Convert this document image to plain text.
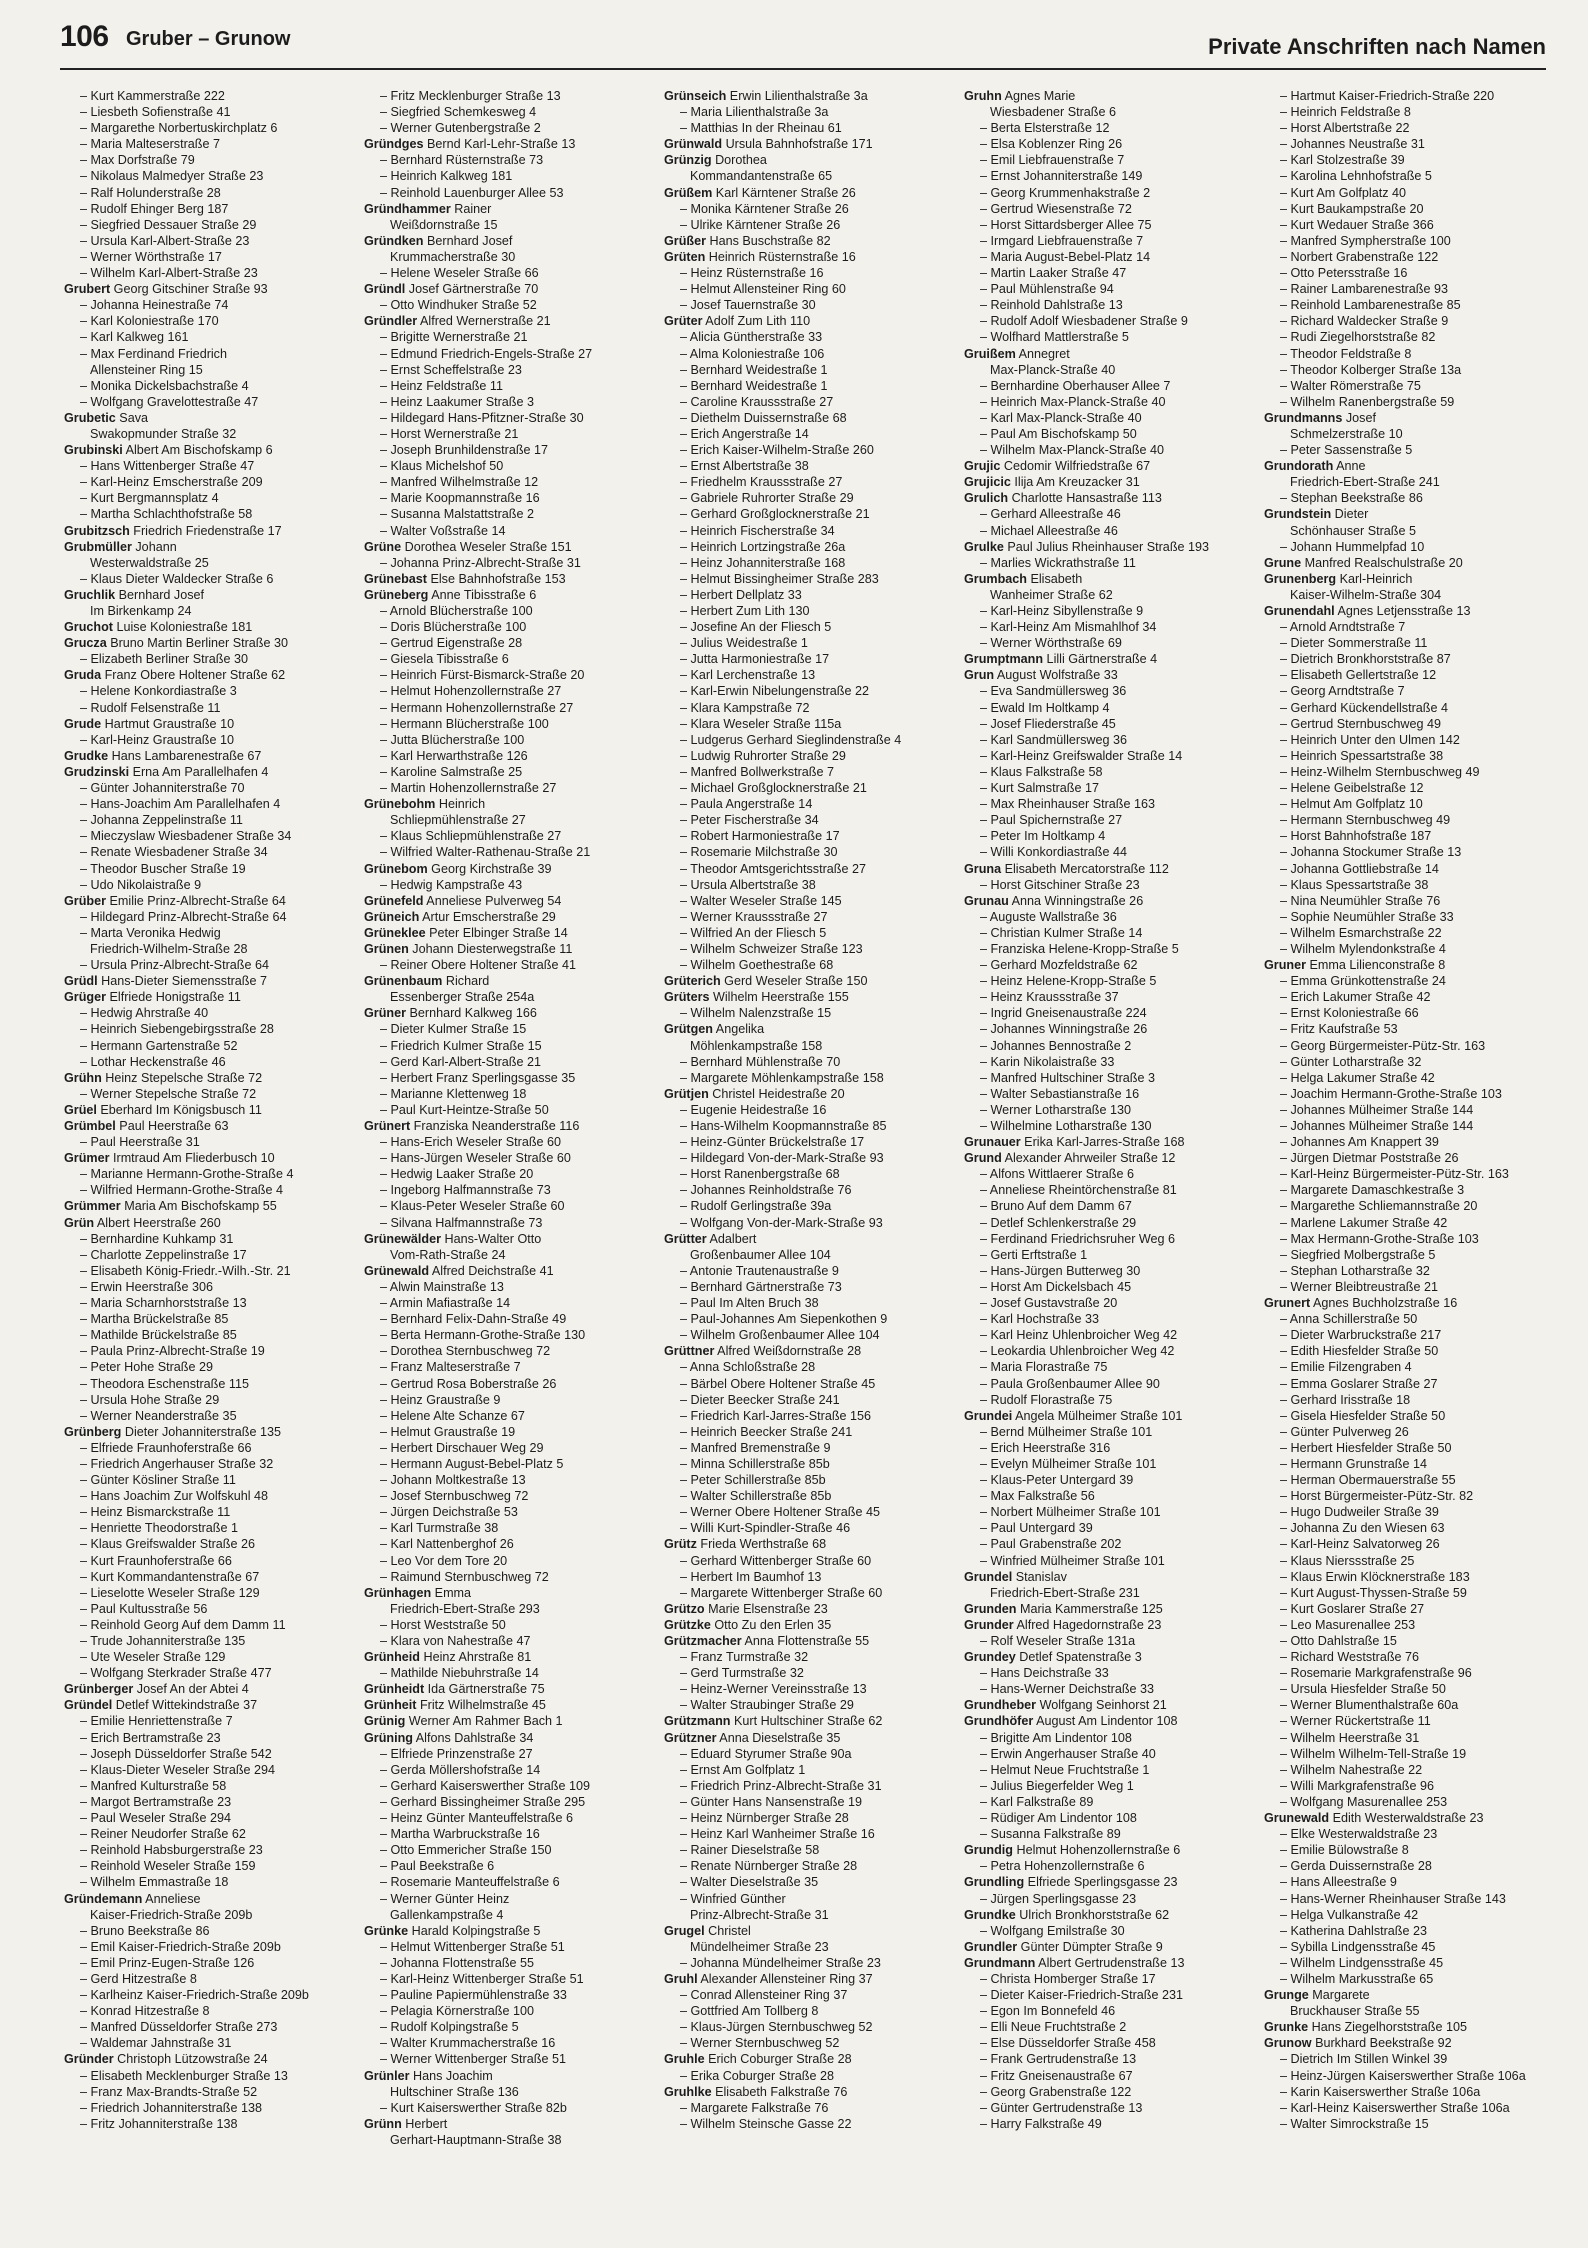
106 Gruber – Grunow	Private Anschriften nach Namen
– Kurt Kammerstraße 222
– Liesbeth Sofienstraße 41
– Margarethe Norbertuskirchplatz 6
– Maria Malteserstraße 7
– Max Dorfstraße 79
– Nikolaus Malmedyer Straße 23
– Ralf Holunderstraße 28
– Rudolf Ehinger Berg 187
– Siegfried Dessauer Straße 29
– Ursula Karl-Albert-Straße 23
– Werner Wörthstraße 17
– Wilhelm Karl-Albert-Straße 23
Grubert Georg Gitschiner Straße 93
– Johanna Heinestraße 74
– Karl Koloniestraße 170
– Karl Kalkweg 161
– Max Ferdinand Friedrich
Allensteiner Ring 15
– Monika Dickelsbachstraße 4
– Wolfgang Gravelottestraße 47
Grubetic Sava
Swakopmunder Straße 32
Grubinski Albert Am Bischofskamp 6
– Hans Wittenberger Straße 47
– Karl-Heinz Emscherstraße 209
– Kurt Bergmannsplatz 4
– Martha Schlachthofstraße 58
Grubitzsch Friedrich Friedenstraße 17
Grubmüller Johann
Westerwaldstraße 25
– Klaus Dieter Waldecker Straße 6
Gruchlik Bernhard Josef
Im Birkenkamp 24
Gruchot Luise Koloniestraße 181
Grucza Bruno Martin Berliner Straße 30
– Elizabeth Berliner Straße 30
Gruda Franz Obere Holtener Straße 62
– Helene Konkordiastraße 3
– Rudolf Felsenstraße 11
Grude Hartmut Graustraße 10
– Karl-Heinz Graustraße 10
Grudke Hans Lambarenestraße 67
Grudzinski Erna Am Parallelhafen 4
– Günter Johanniterstraße 70
– Hans-Joachim Am Parallelhafen 4
– Johanna Zeppelinstraße 11
– Mieczyslaw Wiesbadener Straße 34
– Renate Wiesbadener Straße 34
– Theodor Buscher Straße 19
– Udo Nikolaistraße 9
Grüber Emilie Prinz-Albrecht-Straße 64
– Hildegard Prinz-Albrecht-Straße 64
– Marta Veronika Hedwig
Friedrich-Wilhelm-Straße 28
– Ursula Prinz-Albrecht-Straße 64
Grüdl Hans-Dieter Siemensstraße 7
Grüger Elfriede Honigstraße 11
– Hedwig Ahrstraße 40
– Heinrich Siebengebirgsstraße 28
– Hermann Gartenstraße 52
– Lothar Heckenstraße 46
Grühn Heinz Stepelsche Straße 72
– Werner Stepelsche Straße 72
Grüel Eberhard Im Königsbusch 11
Grümbel Paul Heerstraße 63
– Paul Heerstraße 31
Grümer Irmtraud Am Fliederbusch 10
– Marianne Hermann-Grothe-Straße 4
– Wilfried Hermann-Grothe-Straße 4
Grümmer Maria Am Bischofskamp 55
Grün Albert Heerstraße 260
– Bernhardine Kuhkamp 31
– Charlotte Zeppelinstraße 17
– Elisabeth König-Friedr.-Wilh.-Str. 21
– Erwin Heerstraße 306
– Maria Scharnhorststraße 13
– Martha Brückelstraße 85
– Mathilde Brückelstraße 85
– Paula Prinz-Albrecht-Straße 19
– Peter Hohe Straße 29
– Theodora Eschenstraße 115
– Ursula Hohe Straße 29
– Werner Neanderstraße 35
Grünberg Dieter Johanniterstraße 135
– Elfriede Fraunhoferstraße 66
– Friedrich Angerhauser Straße 32
– Günter Kösliner Straße 11
– Hans Joachim Zur Wolfskuhl 48
– Heinz Bismarckstraße 11
– Henriette Theodorstraße 1
– Klaus Greifswalder Straße 26
– Kurt Fraunhoferstraße 66
– Kurt Kommandantenstraße 67
– Lieselotte Weseler Straße 129
– Paul Kultusstraße 56
– Reinhold Georg Auf dem Damm 11
– Trude Johanniterstraße 135
– Ute Weseler Straße 129
– Wolfgang Sterkrader Straße 477
Grünberger Josef An der Abtei 4
Gründel Detlef Wittekindstraße 37
– Emilie Henriettenstraße 7
– Erich Bertramstraße 23
– Joseph Düsseldorfer Straße 542
– Klaus-Dieter Weseler Straße 294
– Manfred Kulturstraße 58
– Margot Bertramstraße 23
– Paul Weseler Straße 294
– Reiner Neudorfer Straße 62
– Reinhold Habsburgerstraße 23
– Reinhold Weseler Straße 159
– Wilhelm Emmastraße 18
Gründemann Anneliese
Kaiser-Friedrich-Straße 209b
– Bruno Beekstraße 86
– Emil Kaiser-Friedrich-Straße 209b
– Emil Prinz-Eugen-Straße 126
– Gerd Hitzestraße 8
– Karlheinz Kaiser-Friedrich-Straße 209b
– Konrad Hitzestraße 8
– Manfred Düsseldorfer Straße 273
– Waldemar Jahnstraße 31
Gründer Christoph Lützowstraße 24
– Elisabeth Mecklenburger Straße 13
– Franz Max-Brandts-Straße 52
– Friedrich Johanniterstraße 138
– Fritz Johanniterstraße 138
– Fritz Mecklenburger Straße 13
– Siegfried Schemkesweg 4
– Werner Gutenbergstraße 2
Gründges Bernd Karl-Lehr-Straße 13
– Bernhard Rüsternstraße 73
– Heinrich Kalkweg 181
– Reinhold Lauenburger Allee 53
Gründhammer Rainer
Weißdornstraße 15
Gründken Bernhard Josef
Krummacherstraße 30
– Helene Weseler Straße 66
Gründl Josef Gärtnerstraße 70
– Otto Windhuker Straße 52
Gründler Alfred Wernerstraße 21
– Brigitte Wernerstraße 21
– Edmund Friedrich-Engels-Straße 27
– Ernst Scheffelstraße 23
– Heinz Feldstraße 11
– Heinz Laakumer Straße 3
– Hildegard Hans-Pfitzner-Straße 30
– Horst Wernerstraße 21
– Joseph Brunhildenstraße 17
– Klaus Michelshof 50
– Manfred Wilhelmstraße 12
– Marie Koopmannstraße 16
– Susanna Malstattstraße 2
– Walter Voßstraße 14
Grüne Dorothea Weseler Straße 151
– Johanna Prinz-Albrecht-Straße 31
Grünebast Else Bahnhofstraße 153
Grüneberg Anne Tibisstraße 6
– Arnold Blücherstraße 100
– Doris Blücherstraße 100
– Gertrud Eigenstraße 28
– Giesela Tibisstraße 6
– Heinrich Fürst-Bismarck-Straße 20
– Helmut Hohenzollernstraße 27
– Hermann Hohenzollernstraße 27
– Hermann Blücherstraße 100
– Jutta Blücherstraße 100
– Karl Herwarthstraße 126
– Karoline Salmstraße 25
– Martin Hohenzollernstraße 27
Grünebohm Heinrich
Schliepmühlenstraße 27
– Klaus Schliepmühlenstraße 27
– Wilfried Walter-Rathenau-Straße 21
Grünebom Georg Kirchstraße 39
– Hedwig Kampstraße 43
Grünefeld Anneliese Pulverweg 54
Grüneich Artur Emscherstraße 29
Grüneklee Peter Elbinger Straße 14
Grünen Johann Diesterwegstraße 11
– Reiner Obere Holtener Straße 41
Grünenbaum Richard
Essenberger Straße 254a
Grüner Bernhard Kalkweg 166
– Dieter Kulmer Straße 15
– Friedrich Kulmer Straße 15
– Gerd Karl-Albert-Straße 21
– Herbert Franz Sperlingsgasse 35
– Marianne Klettenweg 18
– Paul Kurt-Heintze-Straße 50
Grünert Franziska Neanderstraße 116
– Hans-Erich Weseler Straße 60
– Hans-Jürgen Weseler Straße 60
– Hedwig Laaker Straße 20
– Ingeborg Halfmannstraße 73
– Klaus-Peter Weseler Straße 60
– Silvana Halfmannstraße 73
Grünewälder Hans-Walter Otto
Vom-Rath-Straße 24
Grünewald Alfred Deichstraße 41
– Alwin Mainstraße 13
– Armin Mafiastraße 14
– Bernhard Felix-Dahn-Straße 49
– Berta Hermann-Grothe-Straße 130
– Dorothea Sternbuschweg 72
– Franz Malteserstraße 7
– Gertrud Rosa Boberstraße 26
– Heinz Graustraße 9
– Helene Alte Schanze 67
– Helmut Graustraße 19
– Herbert Dirschauer Weg 29
– Hermann August-Bebel-Platz 5
– Johann Moltkestraße 13
– Josef Sternbuschweg 72
– Jürgen Deichstraße 53
– Karl Turmstraße 38
– Karl Nattenberghof 26
– Leo Vor dem Tore 20
– Raimund Sternbuschweg 72
Grünhagen Emma
Friedrich-Ebert-Straße 293
– Horst Weststraße 50
– Klara von Nahestraße 47
Grünheid Heinz Ahrstraße 81
– Mathilde Niebuhrstraße 14
Grünheidt Ida Gärtnerstraße 75
Grünheit Fritz Wilhelmstraße 45
Grünig Werner Am Rahmer Bach 1
Grüning Alfons Dahlstraße 34
– Elfriede Prinzenstraße 27
– Gerda Möllershofstraße 14
– Gerhard Kaiserswerther Straße 109
– Gerhard Bissingheimer Straße 295
– Heinz Günter Manteuffelstraße 6
– Martha Warbruckstraße 16
– Otto Emmericher Straße 150
– Paul Beekstraße 6
– Rosemarie Manteuffelstraße 6
– Werner Günter Heinz
Gallenkampstraße 4
Grünke Harald Kolpingstraße 5
– Helmut Wittenberger Straße 51
– Johanna Flottenstraße 55
– Karl-Heinz Wittenberger Straße 51
– Pauline Papiermühlenstraße 33
– Pelagia Körnerstraße 100
– Rudolf Kolpingstraße 5
– Walter Krummacherstraße 16
– Werner Wittenberger Straße 51
Grünler Hans Joachim
Hultschiner Straße 136
– Kurt Kaiserswerther Straße 82b
Grünn Herbert
Gerhart-Hauptmann-Straße 38
Grünseich Erwin Lilienthalstraße 3a
– Maria Lilienthalstraße 3a
– Matthias In der Rheinau 61
Grünwald Ursula Bahnhofstraße 171
Grünzig Dorothea
Kommandantenstraße 65
Grüßem Karl Kärntener Straße 26
– Monika Kärntener Straße 26
– Ulrike Kärntener Straße 26
Grüßer Hans Buschstraße 82
Grüten Heinrich Rüsternstraße 16
– Heinz Rüsternstraße 16
– Helmut Allensteiner Ring 60
– Josef Tauernstraße 30
Grüter Adolf Zum Lith 110
– Alicia Güntherstraße 33
– Alma Koloniestraße 106
– Bernhard Weidestraße 1
– Bernhard Weidestraße 1
– Caroline Kraussstraße 27
– Diethelm Duissernstraße 68
– Erich Angerstraße 14
– Erich Kaiser-Wilhelm-Straße 260
– Ernst Albertstraße 38
– Friedhelm Kraussstraße 27
– Gabriele Ruhrorter Straße 29
– Gerhard Großglocknerstraße 21
– Heinrich Fischerstraße 34
– Heinrich Lortzingstraße 26a
– Heinz Johanniterstraße 168
– Helmut Bissingheimer Straße 283
– Herbert Dellplatz 33
– Herbert Zum Lith 130
– Josefine An der Fliesch 5
– Julius Weidestraße 1
– Jutta Harmoniestraße 17
– Karl Lerchenstraße 13
– Karl-Erwin Nibelungenstraße 22
– Klara Kampstraße 72
– Klara Weseler Straße 115a
– Ludgerus Gerhard Sieglindenstraße 4
– Ludwig Ruhrorter Straße 29
– Manfred Bollwerkstraße 7
– Michael Großglocknerstraße 21
– Paula Angerstraße 14
– Peter Fischerstraße 34
– Robert Harmoniestraße 17
– Rosemarie Milchstraße 30
– Theodor Amtsgerichtsstraße 27
– Ursula Albertstraße 38
– Walter Weseler Straße 145
– Werner Kraussstraße 27
– Wilfried An der Fliesch 5
– Wilhelm Schweizer Straße 123
– Wilhelm Goethestraße 68
Grüterich Gerd Weseler Straße 150
Grüters Wilhelm Heerstraße 155
– Wilhelm Nalenzstraße 15
Grütgen Angelika
Möhlenkampstraße 158
– Bernhard Mühlenstraße 70
– Margarete Möhlenkampstraße 158
Grütjen Christel Heidestraße 20
– Eugenie Heidestraße 16
– Hans-Wilhelm Koopmannstraße 85
– Heinz-Günter Brückelstraße 17
– Hildegard Von-der-Mark-Straße 93
– Horst Ranenbergstraße 68
– Johannes Reinholdstraße 76
– Rudolf Gerlingstraße 39a
– Wolfgang Von-der-Mark-Straße 93
Grütter Adalbert
Großenbaumer Allee 104
– Antonie Trautenaustraße 9
– Bernhard Gärtnerstraße 73
– Paul Im Alten Bruch 38
– Paul-Johannes Am Siepenkothen 9
– Wilhelm Großenbaumer Allee 104
Grüttner Alfred Weißdornstraße 28
– Anna Schloßstraße 28
– Bärbel Obere Holtener Straße 45
– Dieter Beecker Straße 241
– Friedrich Karl-Jarres-Straße 156
– Heinrich Beecker Straße 241
– Manfred Bremenstraße 9
– Minna Schillerstraße 85b
– Peter Schillerstraße 85b
– Walter Schillerstraße 85b
– Werner Obere Holtener Straße 45
– Willi Kurt-Spindler-Straße 46
Grütz Frieda Werthstraße 68
– Gerhard Wittenberger Straße 60
– Herbert Im Baumhof 13
– Margarete Wittenberger Straße 60
Grützo Marie Elsenstraße 23
Grützke Otto Zu den Erlen 35
Grützmacher Anna Flottenstraße 55
– Franz Turmstraße 32
– Gerd Turmstraße 32
– Heinz-Werner Vereinsstraße 13
– Walter Straubinger Straße 29
Grützmann Kurt Hultschiner Straße 62
Grützner Anna Dieselstraße 35
– Eduard Styrumer Straße 90a
– Ernst Am Golfplatz 1
– Friedrich Prinz-Albrecht-Straße 31
– Günter Hans Nansenstraße 19
– Heinz Nürnberger Straße 28
– Heinz Karl Wanheimer Straße 16
– Rainer Dieselstraße 58
– Renate Nürnberger Straße 28
– Walter Dieselstraße 35
– Winfried Günther
Prinz-Albrecht-Straße 31
Grugel Christel
Mündelheimer Straße 23
– Johanna Mündelheimer Straße 23
Gruhl Alexander Allensteiner Ring 37
– Conrad Allensteiner Ring 37
– Gottfried Am Tollberg 8
– Klaus-Jürgen Sternbuschweg 52
– Werner Sternbuschweg 52
Gruhle Erich Coburger Straße 28
– Erika Coburger Straße 28
Gruhlke Elisabeth Falkstraße 76
– Margarete Falkstraße 76
– Wilhelm Steinsche Gasse 22
Gruhn Agnes Marie
Wiesbadener Straße 6
– Berta Elsterstraße 12
– Elsa Koblenzer Ring 26
– Emil Liebfrauenstraße 7
– Ernst Johanniterstraße 149
– Georg Krummenhakstraße 2
– Gertrud Wiesenstraße 72
– Horst Sittardsberger Allee 75
– Irmgard Liebfrauenstraße 7
– Maria August-Bebel-Platz 14
– Martin Laaker Straße 47
– Paul Mühlenstraße 94
– Reinhold Dahlstraße 13
– Rudolf Adolf Wiesbadener Straße 9
– Wolfhard Mattlerstraße 5
Gruißem Annegret
Max-Planck-Straße 40
– Bernhardine Oberhauser Allee 7
– Heinrich Max-Planck-Straße 40
– Karl Max-Planck-Straße 40
– Paul Am Bischofskamp 50
– Wilhelm Max-Planck-Straße 40
Grujic Cedomir Wilfriedstraße 67
Grujicic Ilija Am Kreuzacker 31
Grulich Charlotte Hansastraße 113
– Gerhard Alleestraße 46
– Michael Alleestraße 46
Grulke Paul Julius Rheinhauser Straße 193
– Marlies Wickrathstraße 11
Grumbach Elisabeth
Wanheimer Straße 62
– Karl-Heinz Sibyllenstraße 9
– Karl-Heinz Am Mismahlhof 34
– Werner Wörthstraße 69
Grumptmann Lilli Gärtnerstraße 4
Grun August Wolfstraße 33
– Eva Sandmüllersweg 36
– Ewald Im Holtkamp 4
– Josef Fliederstraße 45
– Karl Sandmüllersweg 36
– Karl-Heinz Greifswalder Straße 14
– Klaus Falkstraße 58
– Kurt Salmstraße 17
– Max Rheinhauser Straße 163
– Paul Spichernstraße 27
– Peter Im Holtkamp 4
– Willi Konkordiastraße 44
Gruna Elisabeth Mercatorstraße 112
– Horst Gitschiner Straße 23
Grunau Anna Winningstraße 26
– Auguste Wallstraße 36
– Christian Kulmer Straße 14
– Franziska Helene-Kropp-Straße 5
– Gerhard Mozfeldstraße 62
– Heinz Helene-Kropp-Straße 5
– Heinz Kraussstraße 37
– Ingrid Gneisenaustraße 224
– Johannes Winningstraße 26
– Johannes Bennostraße 2
– Karin Nikolaistraße 33
– Manfred Hultschiner Straße 3
– Walter Sebastianstraße 16
– Werner Lotharstraße 130
– Wilhelmine Lotharstraße 130
Grunauer Erika Karl-Jarres-Straße 168
Grund Alexander Ahrweiler Straße 12
– Alfons Wittlaerer Straße 6
– Anneliese Rheintörchenstraße 81
– Bruno Auf dem Damm 67
– Detlef Schlenkerstraße 29
– Ferdinand Friedrichsruher Weg 6
– Gerti Erftstraße 1
– Hans-Jürgen Butterweg 30
– Horst Am Dickelsbach 45
– Josef Gustavstraße 20
– Karl Hochstraße 33
– Karl Heinz Uhlenbroicher Weg 42
– Leokardia Uhlenbroicher Weg 42
– Maria Florastraße 75
– Paula Großenbaumer Allee 90
– Rudolf Florastraße 75
Grundei Angela Mülheimer Straße 101
– Bernd Mülheimer Straße 101
– Erich Heerstraße 316
– Evelyn Mülheimer Straße 101
– Klaus-Peter Untergard 39
– Max Falkstraße 56
– Norbert Mülheimer Straße 101
– Paul Untergard 39
– Paul Grabenstraße 202
– Winfried Mülheimer Straße 101
Grundel Stanislav
Friedrich-Ebert-Straße 231
Grunden Maria Kammerstraße 125
Grunder Alfred Hagedornstraße 23
– Rolf Weseler Straße 131a
Grundey Detlef Spatenstraße 3
– Hans Deichstraße 33
– Hans-Werner Deichstraße 33
Grundheber Wolfgang Seinhorst 21
Grundhöfer August Am Lindentor 108
– Brigitte Am Lindentor 108
– Erwin Angerhauser Straße 40
– Helmut Neue Fruchtstraße 1
– Julius Biegerfelder Weg 1
– Karl Falkstraße 89
– Rüdiger Am Lindentor 108
– Susanna Falkstraße 89
Grundig Helmut Hohenzollernstraße 6
– Petra Hohenzollernstraße 6
Grundling Elfriede Sperlingsgasse 23
– Jürgen Sperlingsgasse 23
Grundke Ulrich Bronkhorststraße 62
– Wolfgang Emilstraße 30
Grundler Günter Dümpter Straße 9
Grundmann Albert Gertrudenstraße 13
– Christa Homberger Straße 17
– Dieter Kaiser-Friedrich-Straße 231
– Egon Im Bonnefeld 46
– Elli Neue Fruchtstraße 2
– Else Düsseldorfer Straße 458
– Frank Gertrudenstraße 13
– Fritz Gneisenaustraße 67
– Georg Grabenstraße 122
– Günter Gertrudenstraße 13
– Harry Falkstraße 49
– Hartmut Kaiser-Friedrich-Straße 220
– Heinrich Feldstraße 8
– Horst Albertstraße 22
– Johannes Neustraße 31
– Karl Stolzestraße 39
– Karolina Lehnhofstraße 5
– Kurt Am Golfplatz 40
– Kurt Baukampstraße 20
– Kurt Wedauer Straße 366
– Manfred Sympherstraße 100
– Norbert Grabenstraße 122
– Otto Petersstraße 16
– Rainer Lambarenestraße 93
– Reinhold Lambarenestraße 85
– Richard Waldecker Straße 9
– Rudi Ziegelhorststraße 82
– Theodor Feldstraße 8
– Theodor Kolberger Straße 13a
– Walter Römerstraße 75
– Wilhelm Ranenbergstraße 59
Grundmanns Josef
Schmelzerstraße 10
– Peter Sassenstraße 5
Grundorath Anne
Friedrich-Ebert-Straße 241
– Stephan Beekstraße 86
Grundstein Dieter
Schönhauser Straße 5
– Johann Hummelpfad 10
Grune Manfred Realschulstraße 20
Grunenberg Karl-Heinrich
Kaiser-Wilhelm-Straße 304
Grunendahl Agnes Letjensstraße 13
– Arnold Arndtstraße 7
– Dieter Sommerstraße 11
– Dietrich Bronkhorststraße 87
– Elisabeth Gellertstraße 12
– Georg Arndtstraße 7
– Gerhard Kückendellstraße 4
– Gertrud Sternbuschweg 49
– Heinrich Unter den Ulmen 142
– Heinrich Spessartstraße 38
– Heinz-Wilhelm Sternbuschweg 49
– Helene Geibelstraße 12
– Helmut Am Golfplatz 10
– Hermann Sternbuschweg 49
– Horst Bahnhofstraße 187
– Johanna Stockumer Straße 13
– Johanna Gottliebstraße 14
– Klaus Spessartstraße 38
– Nina Neumühler Straße 76
– Sophie Neumühler Straße 33
– Wilhelm Esmarchstraße 22
– Wilhelm Mylendonkstraße 4
Gruner Emma Lilienconstraße 8
– Emma Grünkottenstraße 24
– Erich Lakumer Straße 42
– Ernst Koloniestraße 66
– Fritz Kaufstraße 53
– Georg Bürgermeister-Pütz-Str. 163
– Günter Lotharstraße 32
– Helga Lakumer Straße 42
– Joachim Hermann-Grothe-Straße 103
– Johannes Mülheimer Straße 144
– Johannes Mülheimer Straße 144
– Johannes Am Knappert 39
– Jürgen Dietmar Poststraße 26
– Karl-Heinz Bürgermeister-Pütz-Str. 163
– Margarete Damaschkestraße 3
– Margarethe Schliemannstraße 20
– Marlene Lakumer Straße 42
– Max Hermann-Grothe-Straße 103
– Siegfried Molbergstraße 5
– Stephan Lotharstraße 32
– Werner Bleibtreustraße 21
Grunert Agnes Buchholzstraße 16
– Anna Schillerstraße 50
– Dieter Warbruckstraße 217
– Edith Hiesfelder Straße 50
– Emilie Filzengraben 4
– Emma Goslarer Straße 27
– Gerhard Irisstraße 18
– Gisela Hiesfelder Straße 50
– Günter Pulverweg 26
– Herbert Hiesfelder Straße 50
– Hermann Grunstraße 14
– Herman Obermauerstraße 55
– Horst Bürgermeister-Pütz-Str. 82
– Hugo Dudweiler Straße 39
– Johanna Zu den Wiesen 63
– Karl-Heinz Salvatorweg 26
– Klaus Nierssstraße 25
– Klaus Erwin Klöcknerstraße 183
– Kurt August-Thyssen-Straße 59
– Kurt Goslarer Straße 27
– Leo Masurenallee 253
– Otto Dahlstraße 15
– Richard Weststraße 76
– Rosemarie Markgrafenstraße 96
– Ursula Hiesfelder Straße 50
– Werner Blumenthalstraße 60a
– Werner Rückertstraße 11
– Wilhelm Heerstraße 31
– Wilhelm Wilhelm-Tell-Straße 19
– Wilhelm Nahestraße 22
– Willi Markgrafenstraße 96
– Wolfgang Masurenallee 253
Grunewald Edith Westerwaldstraße 23
– Elke Westerwaldstraße 23
– Emilie Bülowstraße 8
– Gerda Duissernstraße 28
– Hans Alleestraße 9
– Hans-Werner Rheinhauser Straße 143
– Helga Vulkanstraße 42
– Katherina Dahlstraße 23
– Sybilla Lindgensstraße 45
– Wilhelm Lindgensstraße 45
– Wilhelm Markusstraße 65
Grunge Margarete
Bruckhauser Straße 55
Grunke Hans Ziegelhorststraße 105
Grunow Burkhard Beekstraße 92
– Dietrich Im Stillen Winkel 39
– Heinz-Jürgen Kaiserswerther Straße 106a
– Karin Kaiserswerther Straße 106a
– Karl-Heinz Kaiserswerther Straße 106a
– Walter Simrockstraße 15
